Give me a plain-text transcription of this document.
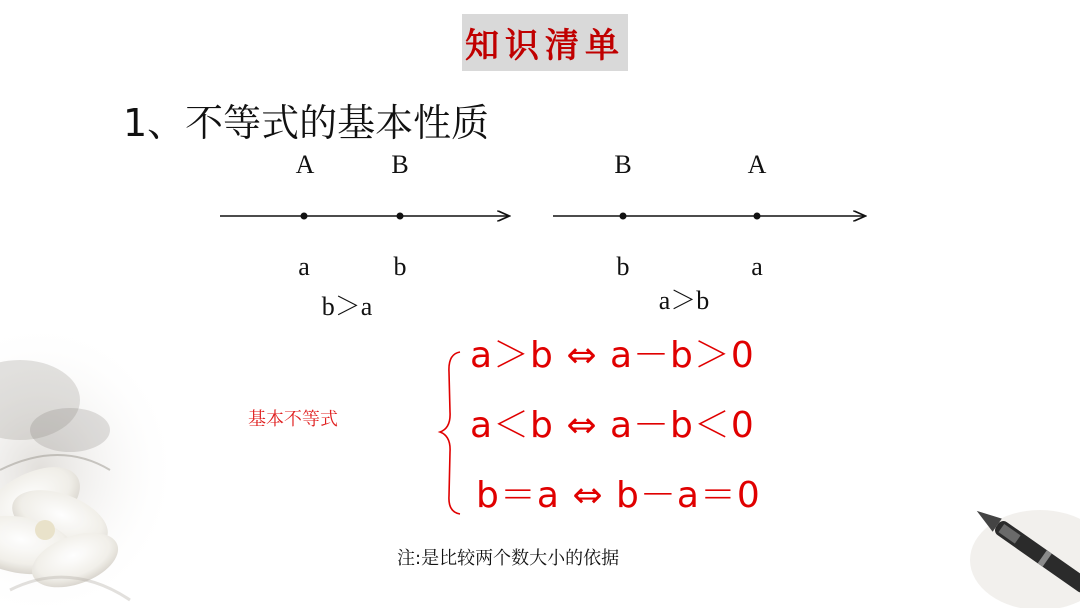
知识清单
1、不等式的基本性质
A	B
a	b
b＞a
B	A
b	a
a＞b
基本不等式
a＞b ⇔ a－b＞0
a＜b ⇔ a－b＜0
b＝a ⇔ b－a＝0
注:是比较两个数大小的依据
